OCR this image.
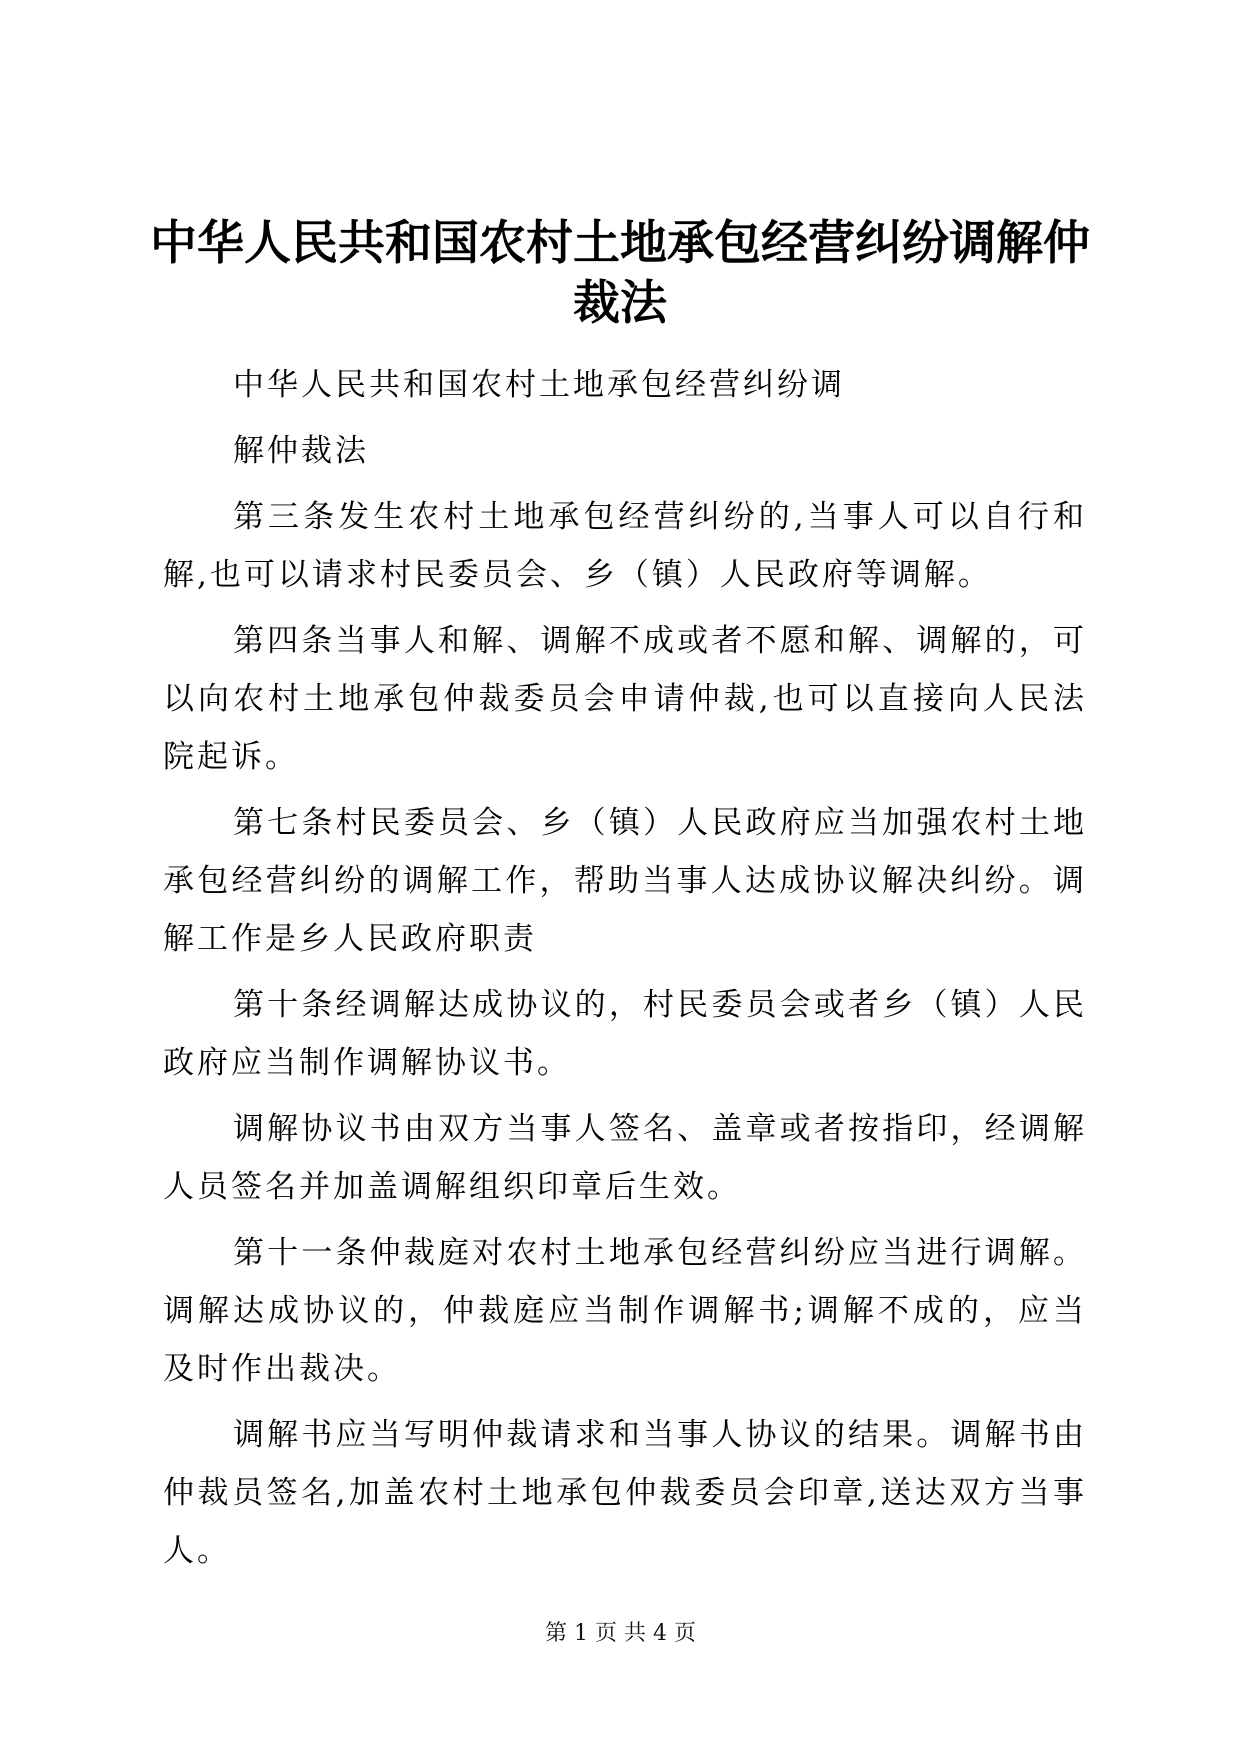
中华人民共和国农村土地承包经营纠纷调解仲
裁法

中华人民共和国农村土地承包经营纠纷调

解仲裁法

第三条发生农村土地承包经营纠纷的,当事人可以自行和解,也可以请求村民委员会、乡（镇）人民政府等调解。

第四条当事人和解、调解不成或者不愿和解、调解的，可以向农村土地承包仲裁委员会申请仲裁,也可以直接向人民法院起诉。

第七条村民委员会、乡（镇）人民政府应当加强农村土地承包经营纠纷的调解工作，帮助当事人达成协议解决纠纷。调解工作是乡人民政府职责

第十条经调解达成协议的，村民委员会或者乡（镇）人民政府应当制作调解协议书。

调解协议书由双方当事人签名、盖章或者按指印，经调解人员签名并加盖调解组织印章后生效。

第十一条仲裁庭对农村土地承包经营纠纷应当进行调解。调解达成协议的，仲裁庭应当制作调解书;调解不成的，应当及时作出裁决。

调解书应当写明仲裁请求和当事人协议的结果。调解书由仲裁员签名,加盖农村土地承包仲裁委员会印章,送达双方当事人。

第 1 页 共 4 页
